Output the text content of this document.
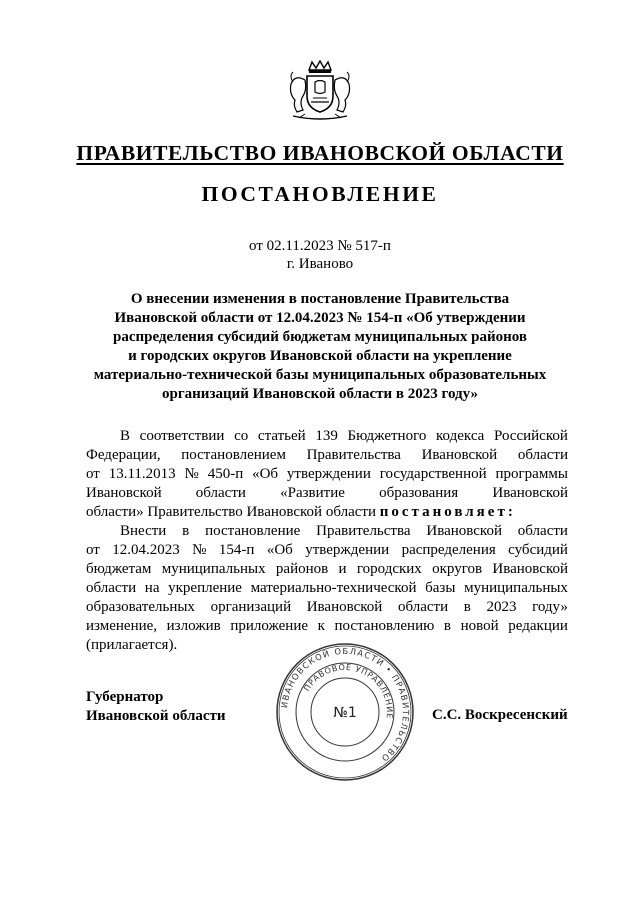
ПРАВИТЕЛЬСТВО ИВАНОВСКОЙ ОБЛАСТИ
ПОСТАНОВЛЕНИЕ
от 02.11.2023 № 517-п
г. Иваново
О внесении изменения в постановление Правительства
Ивановской области от 12.04.2023 № 154-п «Об утверждении
распределения субсидий бюджетам муниципальных районов
и городских округов Ивановской области на укрепление
материально-технической базы муниципальных образовательных
организаций Ивановской области в 2023 году»
В соответствии со статьей 139 Бюджетного кодекса Российской
Федерации, постановлением Правительства Ивановской области
от 13.11.2013 № 450-п «Об утверждении государственной программы
Ивановской области «Развитие образования Ивановской
области» Правительство Ивановской области постановляет:
Внести в постановление Правительства Ивановской области
от 12.04.2023 № 154-п «Об утверждении распределения субсидий
бюджетам муниципальных районов и городских округов Ивановской
области на укрепление материально-технической базы муниципальных
образовательных организаций Ивановской области в 2023 году»
изменение, изложив приложение к постановлению в новой редакции
(прилагается).
Губернатор
Ивановской области	С.С. Воскресенский
ИВАНОВСКОЙ ОБЛАСТИ • ПРАВИТЕЛЬСТВО
ПРАВОВОЕ УПРАВЛЕНИЕ
№1
